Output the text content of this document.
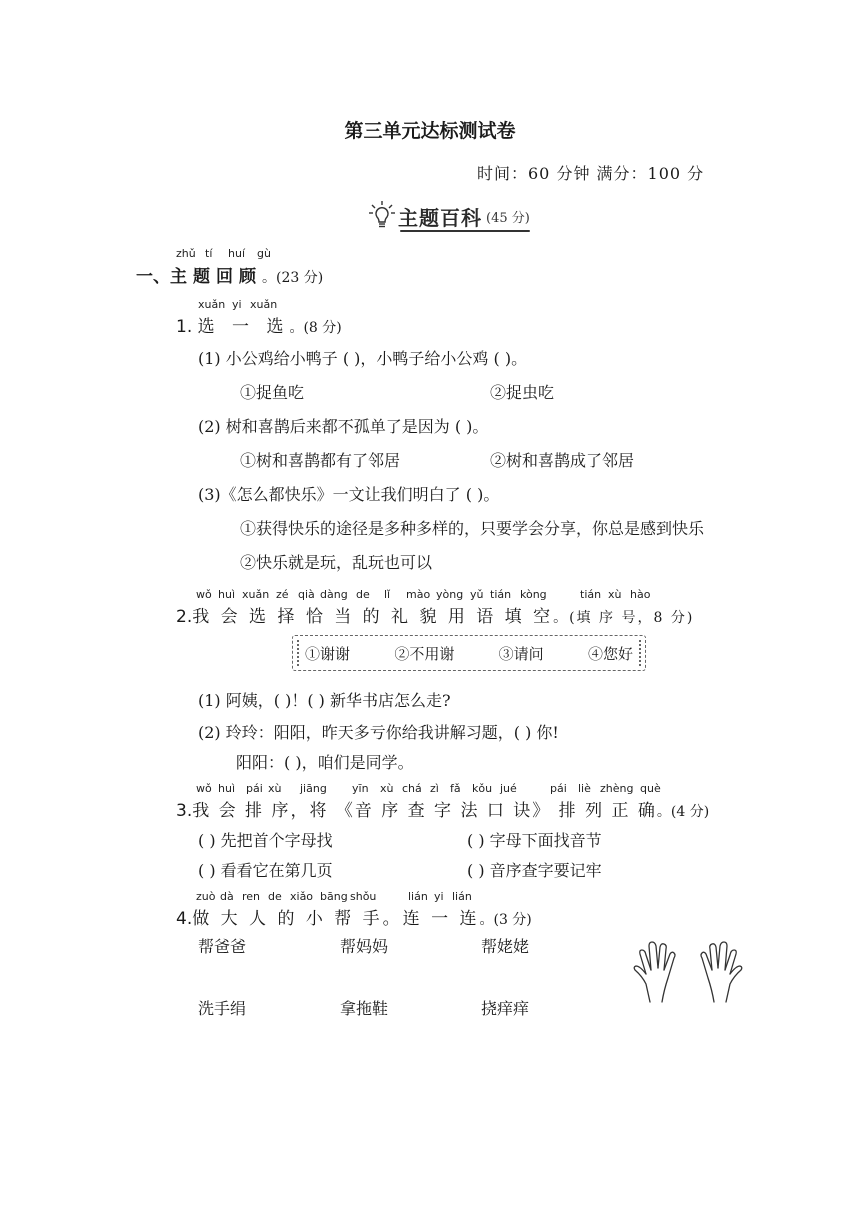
第三单元达标测试卷
时间：60 分钟 满分：100 分
主题百科 (45 分)
zhǔ tí huí gù
一、主题回顾。(23 分)
xuǎn yi xuǎn
1. 选 一 选。(8 分)
(1) 小公鸡给小鸭子 ( )，小鸭子给小公鸡 ( )。
①捉鱼吃	②捉虫吃
(2) 树和喜鹊后来都不孤单了是因为 ( )。
①树和喜鹊都有了邻居	②树和喜鹊成了邻居
(3)《怎么都快乐》一文让我们明白了 ( )。
①获得快乐的途径是多种多样的，只要学会分享，你总是感到快乐
②快乐就是玩，乱玩也可以
wǒ huì xuǎn zé qià dàng de lǐ mào yòng yǔ tián kòng	tián xù hào
2.我 会 选 择 恰 当 的 礼 貌 用 语 填 空。(填 序 号，8 分)
①谢谢	②不用谢	③请问	④您好
(1) 阿姨，( )！( ) 新华书店怎么走?
(2) 玲玲：阳阳，昨天多亏你给我讲解习题，( ) 你!
阳阳：( )，咱们是同学。
wǒ huì pái xù jiāng yīn xù chá zì fǎ kǒu jué	pái liè zhèng què
3.我 会 排 序，将 《音 序 查 字 法 口 诀》 排 列 正 确。(4 分)
( ) 先把首个字母找	( ) 字母下面找音节
( ) 看看它在第几页	( ) 音序查字要记牢
zuò dà ren de xiǎo bāng shǒu	lián yi lián
4.做 大 人 的 小 帮 手。连 一 连。(3 分)
帮爸爸	帮妈妈	帮姥姥
洗手绢	拿拖鞋	挠痒痒
